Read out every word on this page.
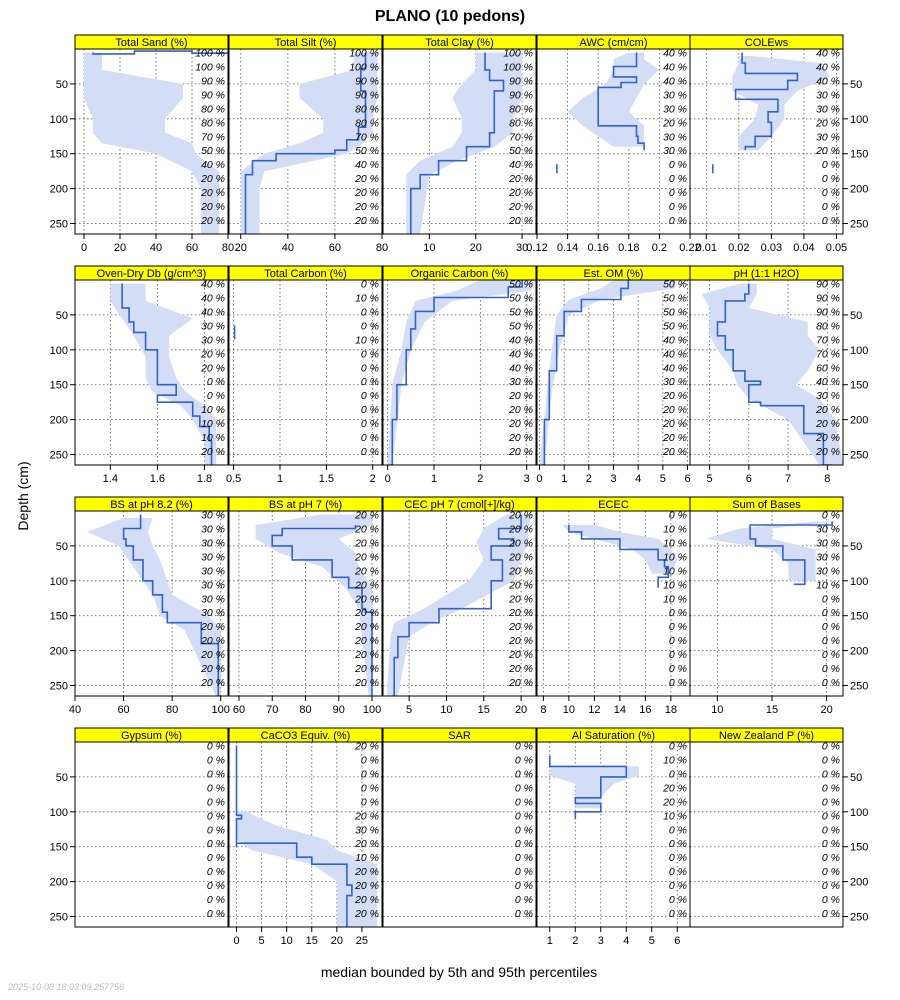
PLANO (10 pedons)
Depth (cm)
median bounded by 5th and 95th percentiles
2025-10-08 18:03:09.257756
Total Sand (%)
100 %
100 %
90 %
90 %
80 %
80 %
70 %
50 %
40 %
20 %
20 %
20 %
20 %
0 20 40 60 80
50
100
150
200
250
Total Silt (%)
100 %
100 %
90 %
90 %
80 %
80 %
70 %
50 %
40 %
20 %
20 %
20 %
20 %
20	40	60	80
Total Clay (%)
100 %
100 %
90 %
90 %
80 %
80 %
70 %
50 %
40 %
20 %
20 %
20 %
20 %
10	20	30
AWC (cm/cm)
40 %
40 %
40 %
30 %
30 %
20 %
30 %
30 %
0 %
0 %
0 %
0 %
0 %
0.12 0.14 0.16 0.18 0.2 0.22
COLEws
40 %
40 %
40 %
30 %
30 %
20 %
30 %
20 %
0 %
0 %
0 %
0 %
0 %
0.01 0.02 0.03 0.04 0.05
50
100
150
200
250
Oven-Dry Db (g/cm^3)
40 %
40 %
40 %
30 %
30 %
20 %
20 %
0 %
0 %
10 %
10 %
10 %
20 %
1.4	1.6	1.8
50
100
150
200
250
Total Carbon (%)
0 %
10 %
0 %
0 %
10 %
0 %
0 %
0 %
0 %
0 %
0 %
0 %
0 %
0.5	1	1.5	2
Organic Carbon (%)
50 %
50 %
50 %
50 %
40 %
40 %
40 %
30 %
20 %
20 %
20 %
20 %
20 %
0	1	2	3
Est. OM (%)
50 %
50 %
50 %
50 %
40 %
40 %
40 %
30 %
20 %
20 %
20 %
20 %
20 %
0 1 2 3 4 5 6
pH (1:1 H2O)
90 %
90 %
90 %
80 %
70 %
70 %
60 %
40 %
30 %
20 %
20 %
20 %
20 %
5	6	7	8
50
100
150
200
250
BS at pH 8.2 (%)
30 %
30 %
30 %
30 %
30 %
30 %
30 %
30 %
20 %
20 %
20 %
20 %
20 %
40	60	80	100
50
100
150
200
250
BS at pH 7 (%)
20 %
20 %
20 %
20 %
20 %
20 %
20 %
20 %
20 %
20 %
20 %
20 %
20 %
60 70 80 90 100
CEC pH 7 (cmol[+]/kg)
20 %
20 %
20 %
20 %
20 %
20 %
20 %
20 %
20 %
20 %
20 %
20 %
20 %
5	10 15 20
ECEC
0 %
10 %
10 %
10 %
10 %
10 %
10 %
0 %
0 %
0 %
0 %
0 %
0 %
8 10 12 14 16 18
Sum of Bases
0 %
30 %
30 %
30 %
30 %
10 %
0 %
0 %
0 %
0 %
0 %
0 %
0 %
10	15	20
50
100
150
200
250
Gypsum (%)
0 %
0 %
0 %
0 %
0 %
0 %
0 %
0 %
0 %
0 %
0 %
0 %
0 %
50
100
150
200
250
CaCO3 Equiv. (%)
20 %
0 %
0 %
0 %
0 %
20 %
30 %
20 %
10 %
20 %
20 %
20 %
20 %
0 5 10 15 20 25
SAR
0 %
0 %
0 %
0 %
0 %
0 %
0 %
0 %
0 %
0 %
0 %
0 %
0 %
Al Saturation (%)
0 %
10 %
0 %
20 %
20 %
10 %
0 %
0 %
0 %
0 %
0 %
0 %
0 %
1 2 3 4 5 6
New Zealand P (%)
0 %
0 %
0 %
0 %
0 %
0 %
0 %
0 %
0 %
0 %
0 %
0 %
0 %
50
100
150
200
250
